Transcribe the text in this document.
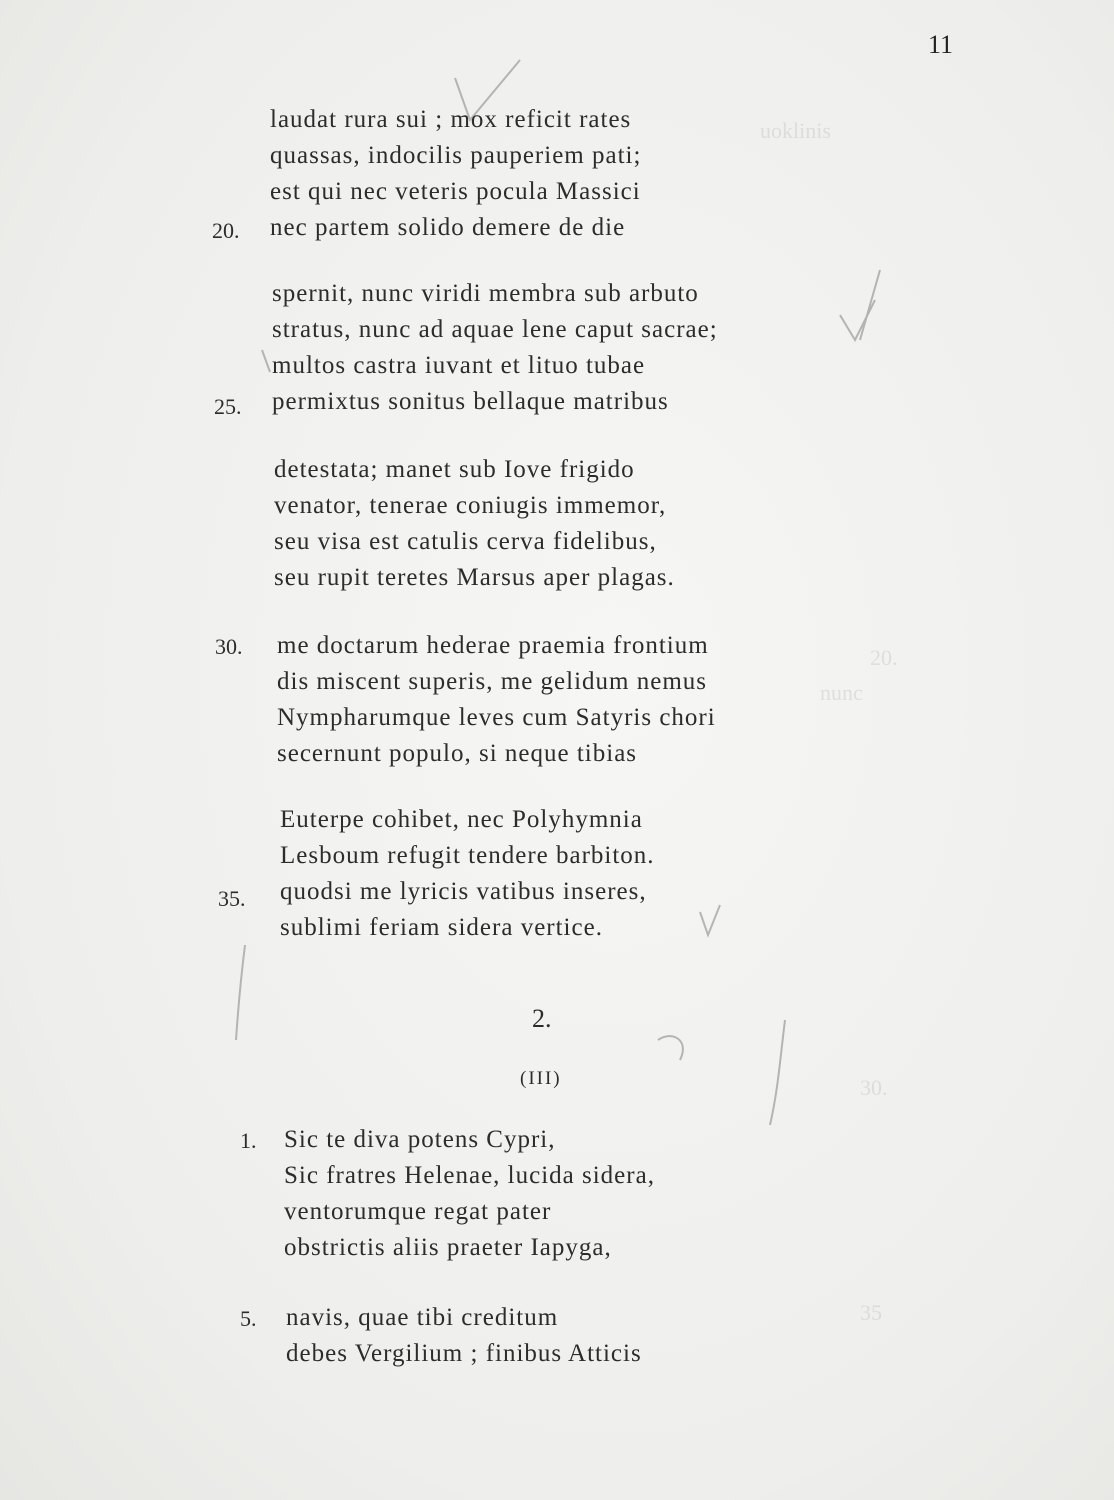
uoklinis
20.
nunc
30.
35
11
laudat rura sui ; mox reficit rates
quassas, indocilis pauperiem pati;
est qui nec veteris pocula Massici
nec partem solido demere de die
20.
spernit, nunc viridi membra sub arbuto
stratus, nunc ad aquae lene caput sacrae;
multos castra iuvant et lituo tubae
permixtus sonitus bellaque matribus
25.
detestata; manet sub Iove frigido
venator, tenerae coniugis immemor,
seu visa est catulis cerva fidelibus,
seu rupit teretes Marsus aper plagas.
me doctarum hederae praemia frontium
dis miscent superis, me gelidum nemus
Nympharumque leves cum Satyris chori
secernunt populo, si neque tibias
30.
Euterpe cohibet, nec Polyhymnia
Lesboum refugit tendere barbiton.
quodsi me lyricis vatibus inseres,
sublimi feriam sidera vertice.
35.
2.
(III)
Sic te diva potens Cypri,
Sic fratres Helenae, lucida sidera,
ventorumque regat pater
obstrictis aliis praeter Iapyga,
1.
navis, quae tibi creditum
debes Vergilium ; finibus Atticis
5.
